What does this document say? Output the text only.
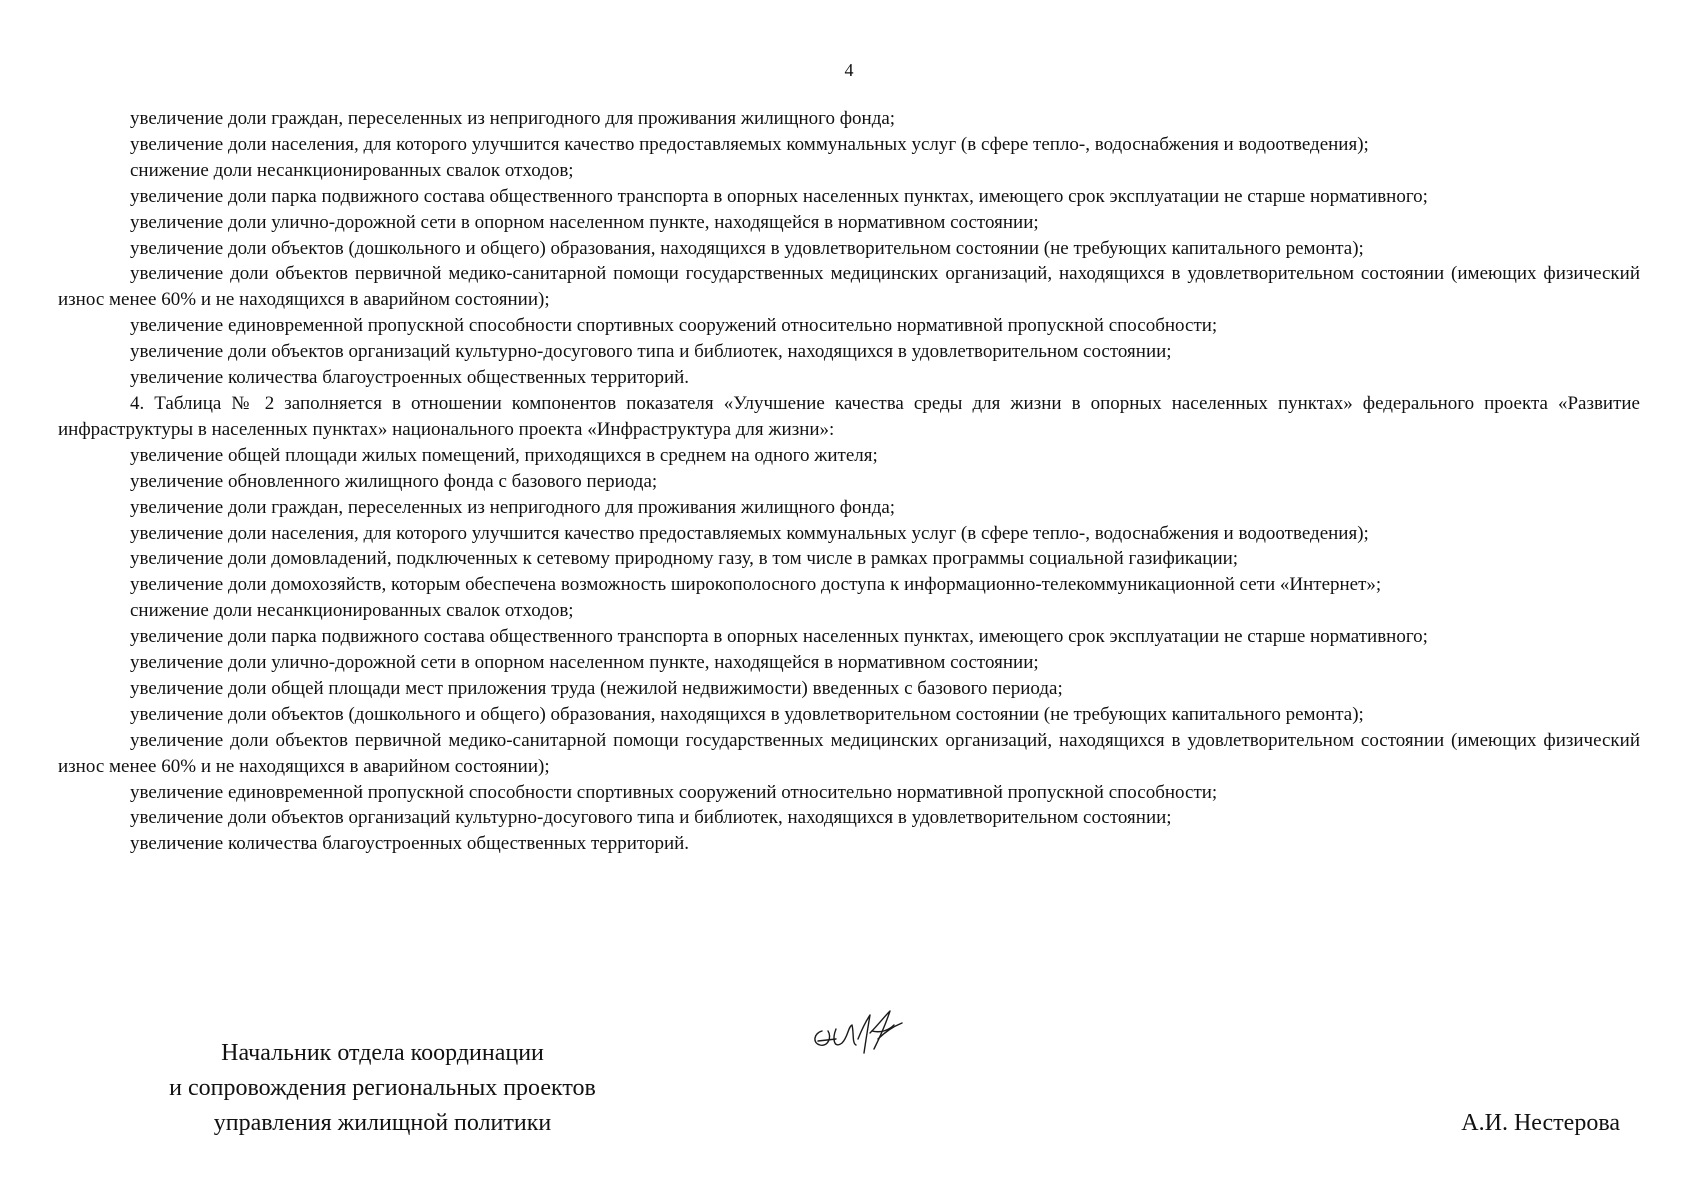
4

увеличение доли граждан, переселенных из непригодного для проживания жилищного фонда;

увеличение доли населения, для которого улучшится качество предоставляемых коммунальных услуг (в сфере тепло-, водоснабжения и водоотведения);

снижение доли несанкционированных свалок отходов;

увеличение доли парка подвижного состава общественного транспорта в опорных населенных пунктах, имеющего срок эксплуатации не старше нормативного;

увеличение доли улично-дорожной сети в опорном населенном пункте, находящейся в нормативном состоянии;

увеличение доли объектов (дошкольного и общего) образования, находящихся в удовлетворительном состоянии (не требующих капитального ремонта);

увеличение доли объектов первичной медико-санитарной помощи государственных медицинских организаций, находящихся в удовлетворительном состоянии (имеющих физический износ менее 60% и не находящихся в аварийном состоянии);

увеличение единовременной пропускной способности спортивных сооружений относительно нормативной пропускной способности;

увеличение доли объектов организаций культурно-досугового типа и библиотек, находящихся в удовлетворительном состоянии;

увеличение количества благоустроенных общественных территорий.

4. Таблица № 2 заполняется в отношении компонентов показателя «Улучшение качества среды для жизни в опорных населенных пунктах» федерального проекта «Развитие инфраструктуры в населенных пунктах» национального проекта «Инфраструктура для жизни»:

увеличение общей площади жилых помещений, приходящихся в среднем на одного жителя;

увеличение обновленного жилищного фонда с базового периода;

увеличение доли граждан, переселенных из непригодного для проживания жилищного фонда;

увеличение доли населения, для которого улучшится качество предоставляемых коммунальных услуг (в сфере тепло-, водоснабжения и водоотведения);

увеличение доли домовладений, подключенных к сетевому природному газу, в том числе в рамках программы социальной газификации;

увеличение доли домохозяйств, которым обеспечена возможность широкополосного доступа к информационно-телекоммуникационной сети «Интернет»;

снижение доли несанкционированных свалок отходов;

увеличение доли парка подвижного состава общественного транспорта в опорных населенных пунктах, имеющего срок эксплуатации не старше нормативного;

увеличение доли улично-дорожной сети в опорном населенном пункте, находящейся в нормативном состоянии;

увеличение доли общей площади мест приложения труда (нежилой недвижимости) введенных с базового периода;

увеличение доли объектов (дошкольного и общего) образования, находящихся в удовлетворительном состоянии (не требующих капитального ремонта);

увеличение доли объектов первичной медико-санитарной помощи государственных медицинских организаций, находящихся в удовлетворительном состоянии (имеющих физический износ менее 60% и не находящихся в аварийном состоянии);

увеличение единовременной пропускной способности спортивных сооружений относительно нормативной пропускной способности;

увеличение доли объектов организаций культурно-досугового типа и библиотек, находящихся в удовлетворительном состоянии;

увеличение количества благоустроенных общественных территорий.

Начальник отдела координации
и сопровождения региональных проектов
управления жилищной политики	А.И. Нестерова
